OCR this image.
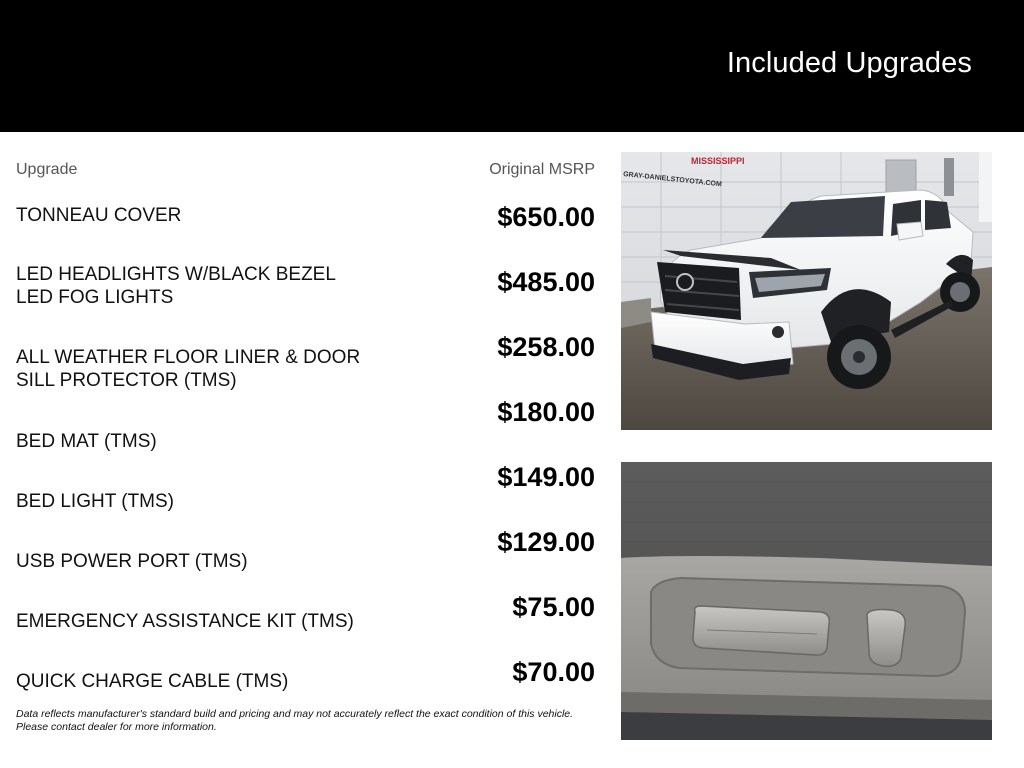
Included Upgrades
Upgrade	Original MSRP
TONNEAU COVER
LED HEADLIGHTS W/BLACK BEZEL
LED FOG LIGHTS
ALL WEATHER FLOOR LINER & DOOR
SILL PROTECTOR (TMS)
BED MAT (TMS)
BED LIGHT (TMS)
USB POWER PORT (TMS)
EMERGENCY ASSISTANCE KIT (TMS)
QUICK CHARGE CABLE (TMS)
$650.00
$485.00
$258.00
$180.00
$149.00
$129.00
$75.00
$70.00
Data reflects manufacturer's standard build and pricing and may not accurately reflect the exact condition of this vehicle.
Please contact dealer for more information.
MISSISSIPPI
GRAY-DANIELSTOYOTA.COM
